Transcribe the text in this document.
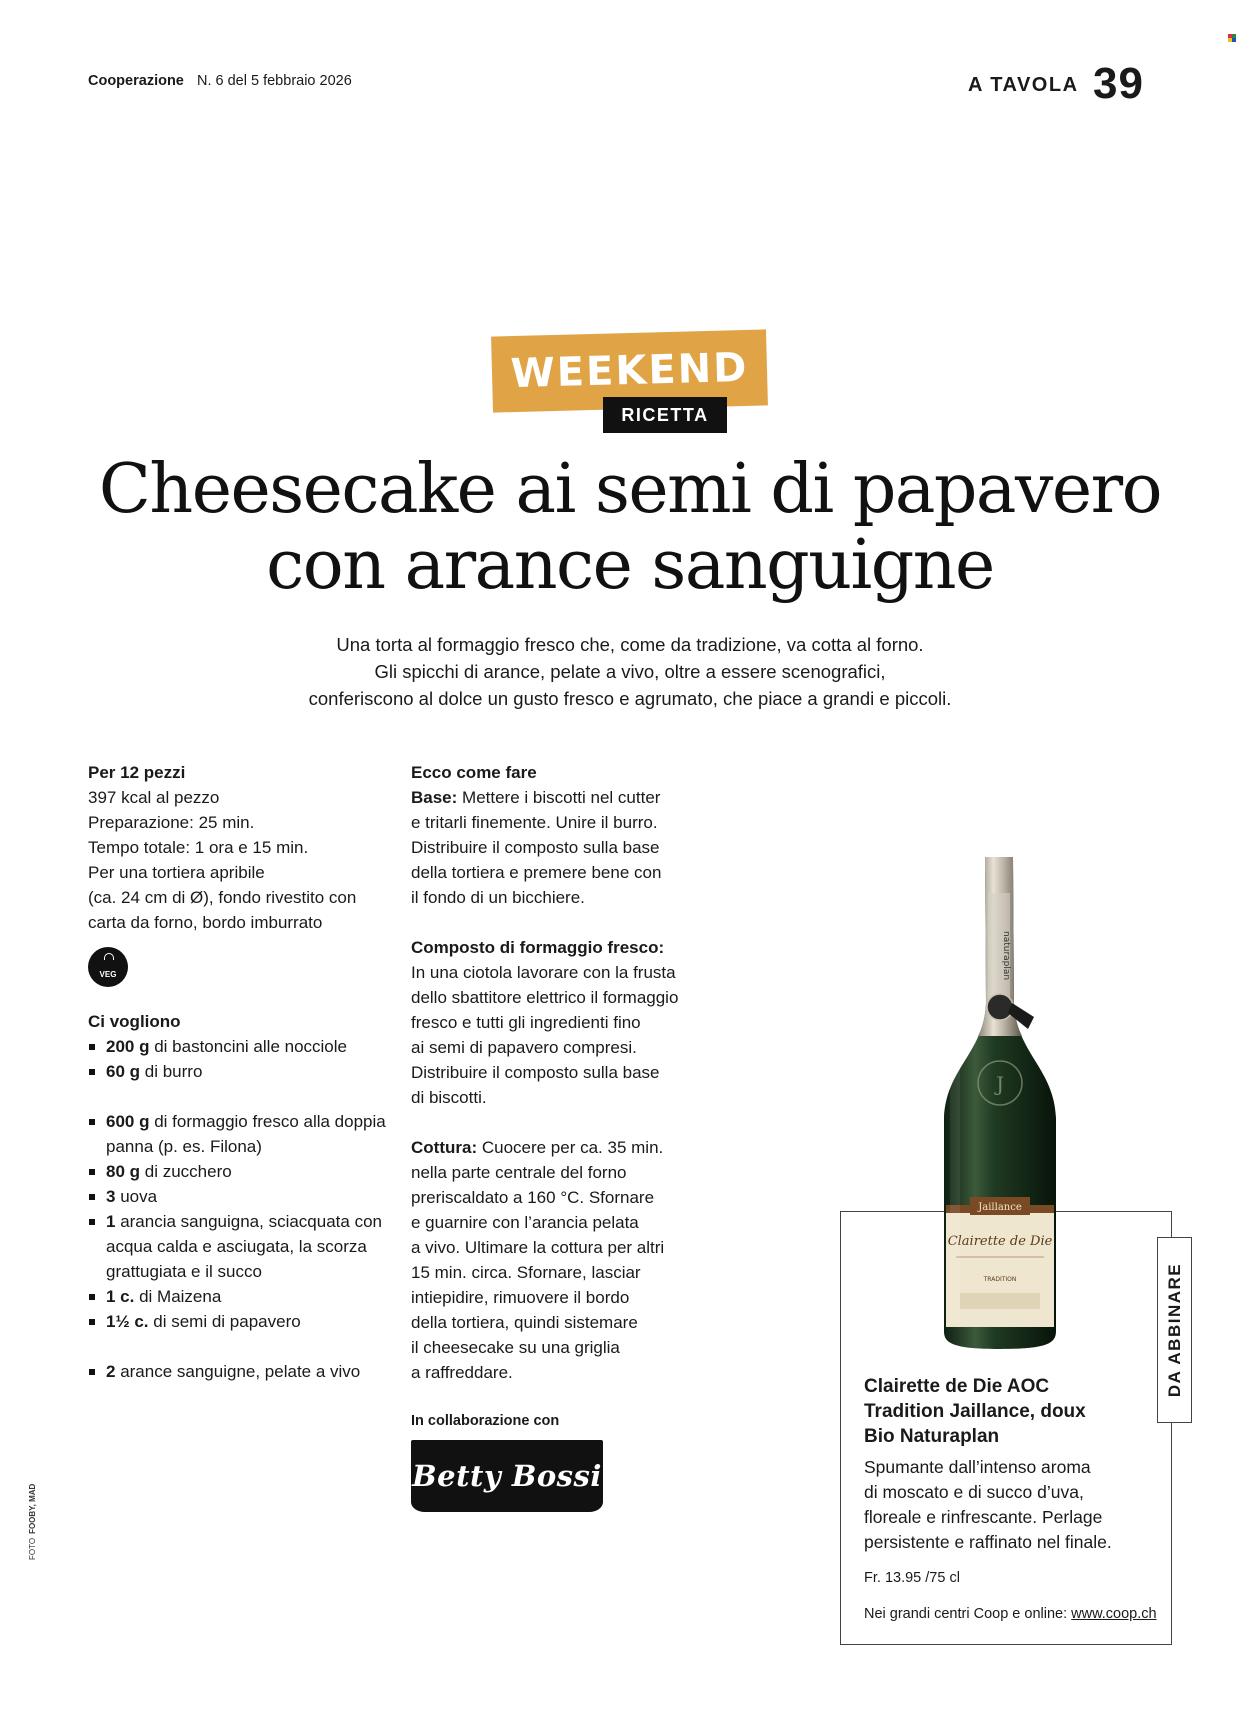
Cooperazione N. 6 del 5 febbraio 2026	A TAVOLA 39
WEEKEND
RICETTA
Cheesecake ai semi di papavero
con arance sanguigne
Una torta al formaggio fresco che, come da tradizione, va cotta al forno.
Gli spicchi di arance, pelate a vivo, oltre a essere scenografici,
conferiscono al dolce un gusto fresco e agrumato, che piace a grandi e piccoli.
Per 12 pezzi
397 kcal al pezzo
Preparazione: 25 min.
Tempo totale: 1 ora e 15 min.
Per una tortiera apribile
(ca. 24 cm di Ø), fondo rivestito con
carta da forno, bordo imburrato
VEG
Ci vogliono
200 g di bastoncini alle nocciole
60 g di burro
600 g di formaggio fresco alla doppia panna (p. es. Filona)
80 g di zucchero
3 uova
1 arancia sanguigna, sciacquata con acqua calda e asciugata, la scorza grattugiata e il succo
1 c. di Maizena
1½ c. di semi di papavero
2 arance sanguigne, pelate a vivo
Ecco come fare
Base: Mettere i biscotti nel cutter
e tritarli finemente. Unire il burro.
Distribuire il composto sulla base
della tortiera e premere bene con
il fondo di un bicchiere.
Composto di formaggio fresco:
In una ciotola lavorare con la frusta
dello sbattitore elettrico il formaggio
fresco e tutti gli ingredienti fino
ai semi di papavero compresi.
Distribuire il composto sulla base
di biscotti.
Cottura: Cuocere per ca. 35 min.
nella parte centrale del forno
preriscaldato a 160 °C. Sfornare
e guarnire con l’arancia pelata
a vivo. Ultimare la cottura per altri
15 min. circa. Sfornare, lasciar
intiepidire, rimuovere il bordo
della tortiera, quindi sistemare
il cheesecake su una griglia
a raffreddare.
In collaborazione con
Betty Bossi
DA ABBINARE
naturaplan
J
Jaillance
Clairette de Die
TRADITION
Clairette de Die AOC
Tradition Jaillance, doux
Bio Naturaplan
Spumante dall’intenso aroma
di moscato e di succo d’uva,
floreale e rinfrescante. Perlage
persistente e raffinato nel finale.
Fr. 13.95 /75 cl
Nei grandi centri Coop e online: www.coop.ch
FOTOFOOBY, MAD
